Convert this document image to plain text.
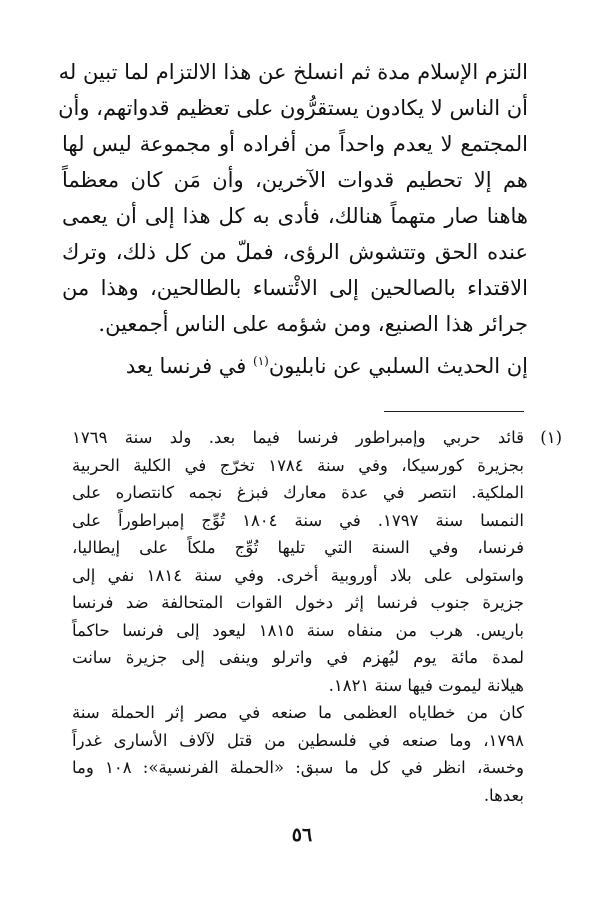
التزم الإسلام مدة ثم انسلخ عن هذا الالتزام لما تبين له
أن الناس لا يكادون يستقرُّون على تعظيم قدواتهم، وأن
المجتمع لا يعدم واحداً من أفراده أو مجموعة ليس لها
هم إلا تحطيم قدوات الآخرين، وأن مَن كان معظماً
هاهنا صار متهماً هنالك، فأدى به كل هذا إلى أن يعمى
عنده الحق وتتشوش الرؤى، فملّ من كل ذلك، وترك
الاقتداء بالصالحين إلى الائْتساء بالطالحين، وهذا من
جرائر هذا الصنيع، ومن شؤمه على الناس أجمعين.
إن الحديث السلبي عن نابليون$^{(١)}$ في فرنسا يعد
(١)
قائد حربي وإمبراطور فرنسا فيما بعد. ولد سنة ١٧٦٩
بجزيرة كورسيكا، وفي سنة ١٧٨٤ تخرّج في الكلية الحربية
الملكية. انتصر في عدة معارك فبزغ نجمه كانتصاره على
النمسا سنة ١٧٩٧. في سنة ١٨٠٤ تُوِّج إمبراطوراً على
فرنسا، وفي السنة التي تليها تُوِّج ملكاً على إيطاليا،
واستولى على بلاد أوروبية أخرى. وفي سنة ١٨١٤ نفي إلى
جزيرة جنوب فرنسا إثر دخول القوات المتحالفة ضد فرنسا
باريس. هرب من منفاه سنة ١٨١٥ ليعود إلى فرنسا حاكماً
لمدة مائة يوم ليُهزم في واترلو وينفى إلى جزيرة سانت
هيلانة ليموت فيها سنة ١٨٢١.
كان من خطاياه العظمى ما صنعه في مصر إثر الحملة سنة
١٧٩٨، وما صنعه في فلسطين من قتل لآلاف الأسارى غدراً
وخسة، انظر في كل ما سبق: «الحملة الفرنسية»: ١٠٨ وما
بعدها.
٥٦
